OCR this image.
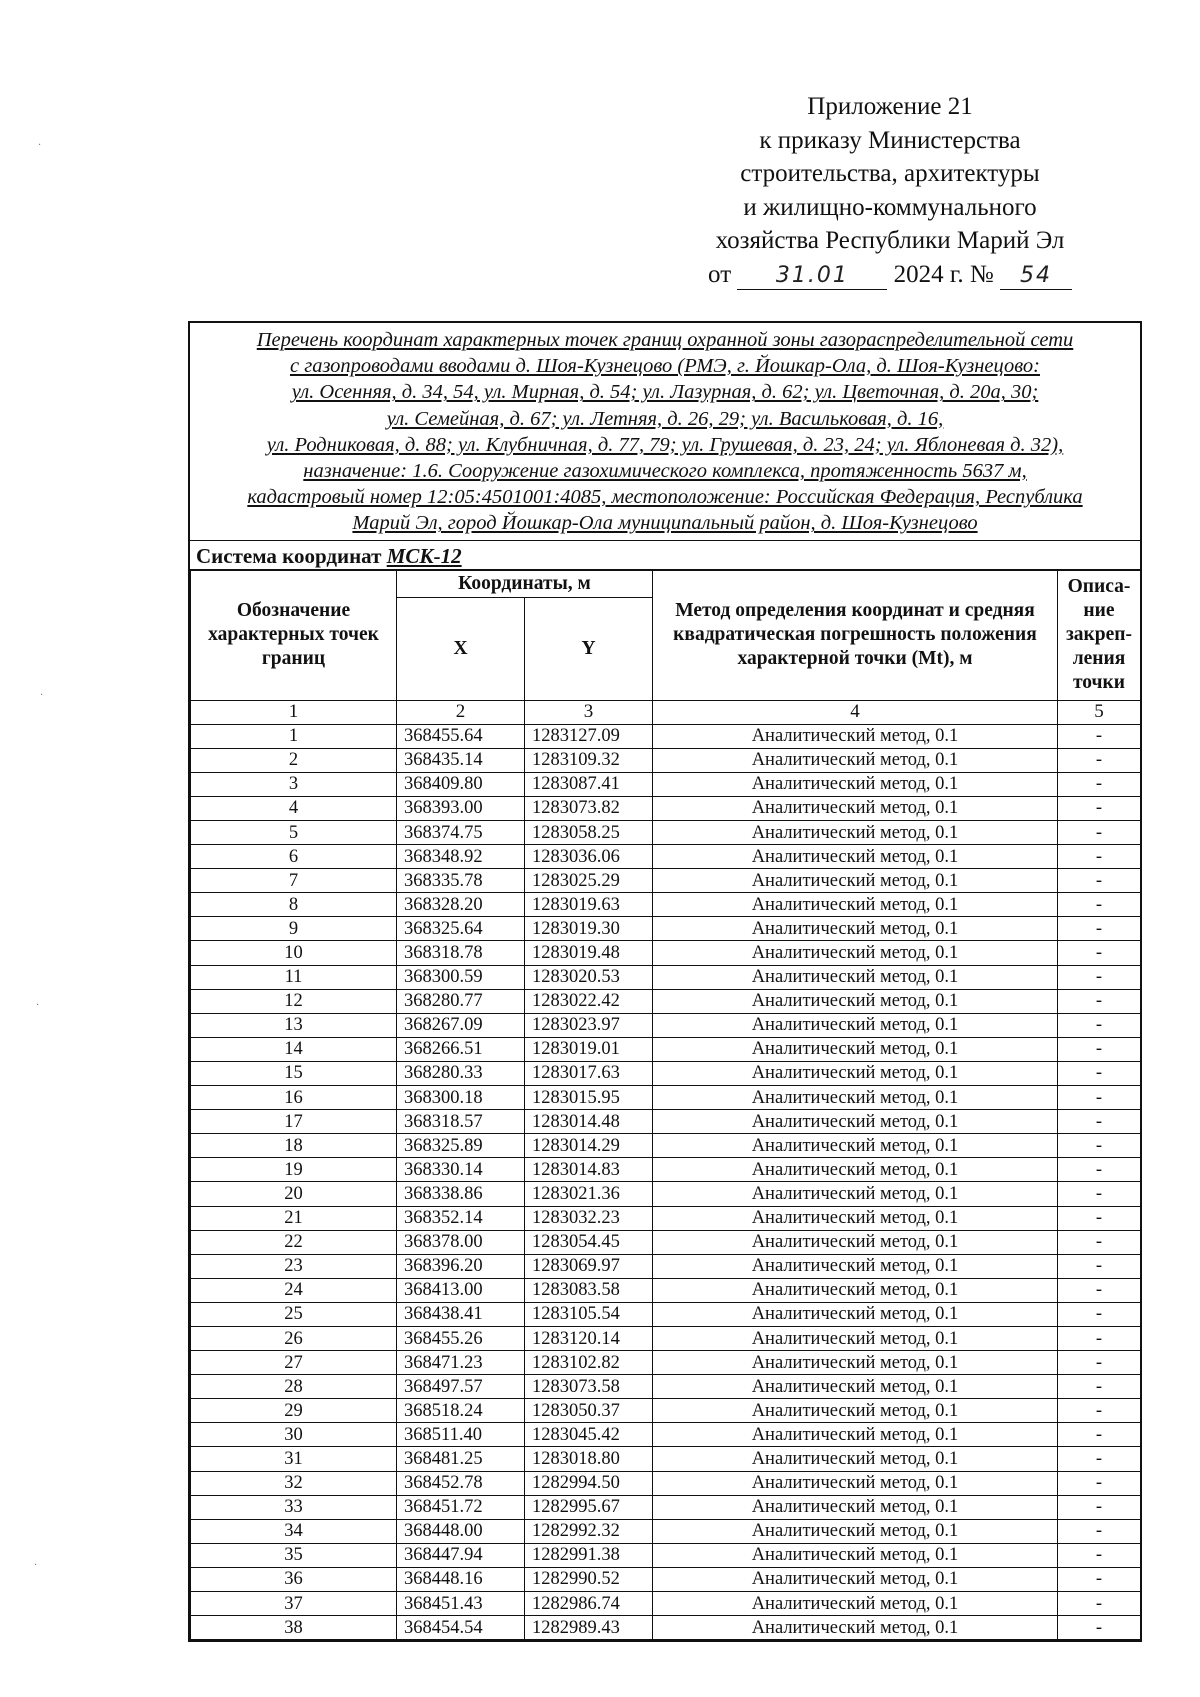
Приложение 21
к приказу Министерства
строительства, архитектуры
и жилищно-коммунального
хозяйства Республики Марий Эл
от 31.01 2024 г. № 54
Перечень координат характерных точек границ охранной зоны газораспределительной сети
с газопроводами вводами д. Шоя-Кузнецово (РМЭ, г. Йошкар-Ола, д. Шоя-Кузнецово:
ул. Осенняя, д. 34, 54, ул. Мирная, д. 54; ул. Лазурная, д. 62; ул. Цветочная, д. 20а, 30;
ул. Семейная, д. 67; ул. Летняя, д. 26, 29; ул. Васильковая, д. 16,
ул. Родниковая, д. 88; ул. Клубничная, д. 77, 79; ул. Грушевая, д. 23, 24; ул. Яблоневая д. 32),
назначение: 1.6. Сооружение газохимического комплекса, протяженность 5637 м,
кадастровый номер 12:05:4501001:4085, местоположение: Российская Федерация, Республика
Марий Эл, город Йошкар-Ола муниципальный район, д. Шоя-Кузнецово
Система координат МСК-12
Обозначение характерных точек границ	Координаты, м		Метод определения координат и средняя квадратическая погрешность положения характерной точки (Mt), м	Описа-ние закреп-ления точки
	X	Y		
1	2	3	4	5
1	368455.64	1283127.09	Аналитический метод, 0.1	-
2	368435.14	1283109.32	Аналитический метод, 0.1	-
3	368409.80	1283087.41	Аналитический метод, 0.1	-
4	368393.00	1283073.82	Аналитический метод, 0.1	-
5	368374.75	1283058.25	Аналитический метод, 0.1	-
6	368348.92	1283036.06	Аналитический метод, 0.1	-
7	368335.78	1283025.29	Аналитический метод, 0.1	-
8	368328.20	1283019.63	Аналитический метод, 0.1	-
9	368325.64	1283019.30	Аналитический метод, 0.1	-
10	368318.78	1283019.48	Аналитический метод, 0.1	-
11	368300.59	1283020.53	Аналитический метод, 0.1	-
12	368280.77	1283022.42	Аналитический метод, 0.1	-
13	368267.09	1283023.97	Аналитический метод, 0.1	-
14	368266.51	1283019.01	Аналитический метод, 0.1	-
15	368280.33	1283017.63	Аналитический метод, 0.1	-
16	368300.18	1283015.95	Аналитический метод, 0.1	-
17	368318.57	1283014.48	Аналитический метод, 0.1	-
18	368325.89	1283014.29	Аналитический метод, 0.1	-
19	368330.14	1283014.83	Аналитический метод, 0.1	-
20	368338.86	1283021.36	Аналитический метод, 0.1	-
21	368352.14	1283032.23	Аналитический метод, 0.1	-
22	368378.00	1283054.45	Аналитический метод, 0.1	-
23	368396.20	1283069.97	Аналитический метод, 0.1	-
24	368413.00	1283083.58	Аналитический метод, 0.1	-
25	368438.41	1283105.54	Аналитический метод, 0.1	-
26	368455.26	1283120.14	Аналитический метод, 0.1	-
27	368471.23	1283102.82	Аналитический метод, 0.1	-
28	368497.57	1283073.58	Аналитический метод, 0.1	-
29	368518.24	1283050.37	Аналитический метод, 0.1	-
30	368511.40	1283045.42	Аналитический метод, 0.1	-
31	368481.25	1283018.80	Аналитический метод, 0.1	-
32	368452.78	1282994.50	Аналитический метод, 0.1	-
33	368451.72	1282995.67	Аналитический метод, 0.1	-
34	368448.00	1282992.32	Аналитический метод, 0.1	-
35	368447.94	1282991.38	Аналитический метод, 0.1	-
36	368448.16	1282990.52	Аналитический метод, 0.1	-
37	368451.43	1282986.74	Аналитический метод, 0.1	-
38	368454.54	1282989.43	Аналитический метод, 0.1	-
·
·
·
·
